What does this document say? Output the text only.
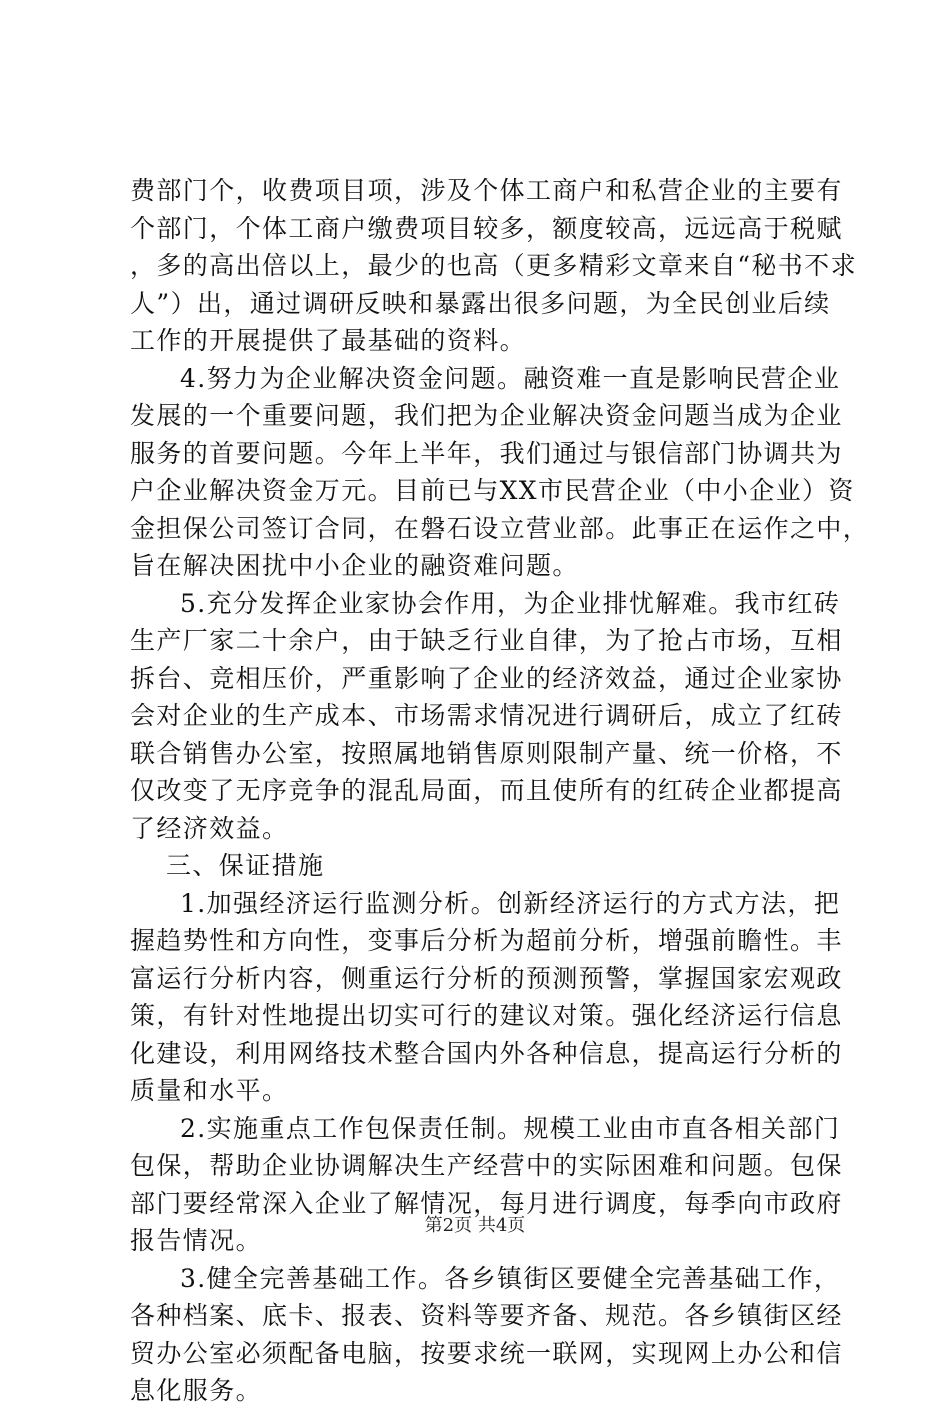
费部门个，收费项目项，涉及个体工商户和私营企业的主要有
个部门，个体工商户缴费项目较多，额度较高，远远高于税赋
，多的高出倍以上，最少的也高（更多精彩文章来自“秘书不求
人”）出，通过调研反映和暴露出很多问题，为全民创业后续
工作的开展提供了最基础的资料。
4.努力为企业解决资金问题。融资难一直是影响民营企业
发展的一个重要问题，我们把为企业解决资金问题当成为企业
服务的首要问题。今年上半年，我们通过与银信部门协调共为
户企业解决资金万元。目前已与XX市民营企业（中小企业）资
金担保公司签订合同，在磐石设立营业部。此事正在运作之中，
旨在解决困扰中小企业的融资难问题。
5.充分发挥企业家协会作用，为企业排忧解难。我市红砖
生产厂家二十余户，由于缺乏行业自律，为了抢占市场，互相
拆台、竞相压价，严重影响了企业的经济效益，通过企业家协
会对企业的生产成本、市场需求情况进行调研后，成立了红砖
联合销售办公室，按照属地销售原则限制产量、统一价格，不
仅改变了无序竞争的混乱局面，而且使所有的红砖企业都提高
了经济效益。
三、保证措施
1.加强经济运行监测分析。创新经济运行的方式方法，把
握趋势性和方向性，变事后分析为超前分析，增强前瞻性。丰
富运行分析内容，侧重运行分析的预测预警，掌握国家宏观政
策，有针对性地提出切实可行的建议对策。强化经济运行信息
化建设，利用网络技术整合国内外各种信息，提高运行分析的
质量和水平。
2.实施重点工作包保责任制。规模工业由市直各相关部门
包保，帮助企业协调解决生产经营中的实际困难和问题。包保
部门要经常深入企业了解情况，每月进行调度，每季向市政府
报告情况。
3.健全完善基础工作。各乡镇街区要健全完善基础工作，
各种档案、底卡、报表、资料等要齐备、规范。各乡镇街区经
贸办公室必须配备电脑，按要求统一联网，实现网上办公和信
息化服务。
第2页 共4页
